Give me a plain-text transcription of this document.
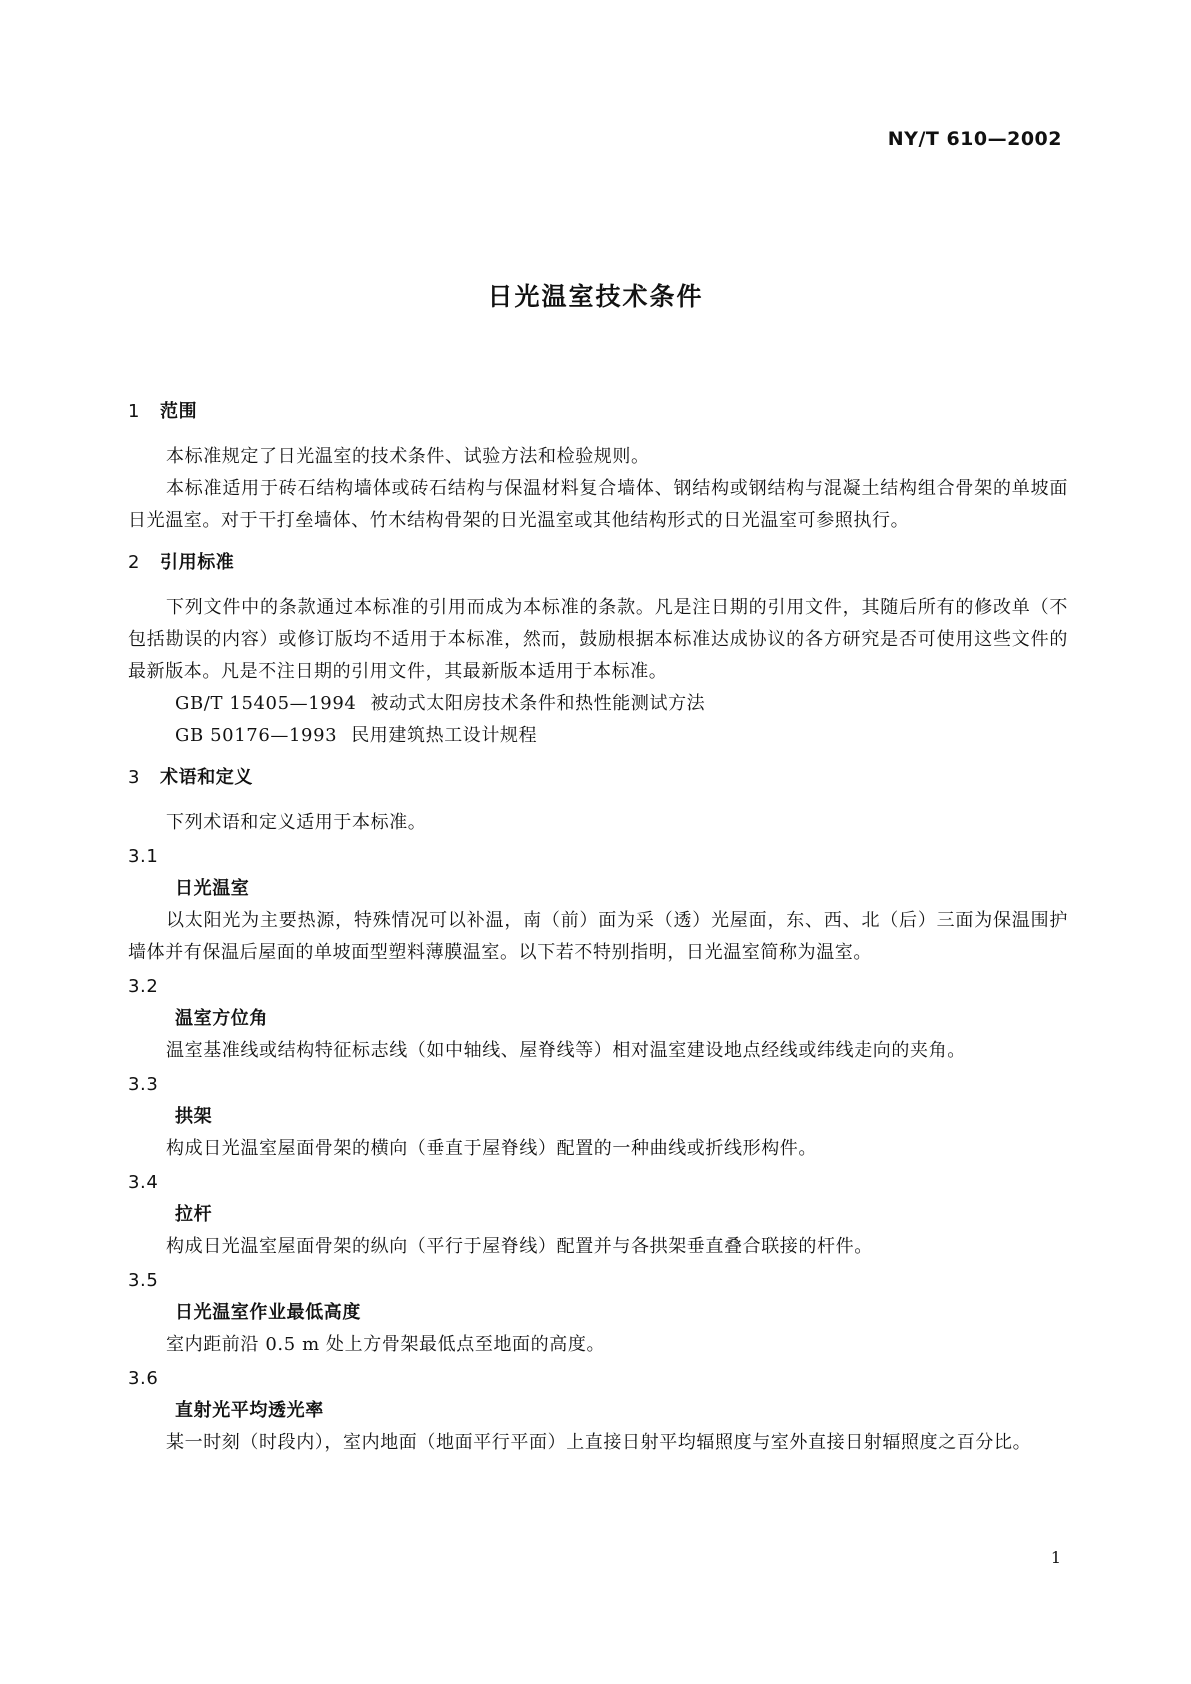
NY/T 610—2002
日光温室技术条件
1 范围

本标准规定了日光温室的技术条件、试验方法和检验规则。

本标准适用于砖石结构墙体或砖石结构与保温材料复合墙体、钢结构或钢结构与混凝土结构组合骨架的单坡面日光温室。对于干打垒墙体、竹木结构骨架的日光温室或其他结构形式的日光温室可参照执行。

2 引用标准

下列文件中的条款通过本标准的引用而成为本标准的条款。凡是注日期的引用文件，其随后所有的修改单（不包括勘误的内容）或修订版均不适用于本标准，然而，鼓励根据本标准达成协议的各方研究是否可使用这些文件的最新版本。凡是不注日期的引用文件，其最新版本适用于本标准。

GB/T 15405—1994 被动式太阳房技术条件和热性能测试方法

GB 50176—1993 民用建筑热工设计规程

3 术语和定义

下列术语和定义适用于本标准。

3.1
日光温室

以太阳光为主要热源，特殊情况可以补温，南（前）面为采（透）光屋面，东、西、北（后）三面为保温围护墙体并有保温后屋面的单坡面型塑料薄膜温室。以下若不特别指明，日光温室简称为温室。

3.2
温室方位角

温室基准线或结构特征标志线（如中轴线、屋脊线等）相对温室建设地点经线或纬线走向的夹角。

3.3
拱架

构成日光温室屋面骨架的横向（垂直于屋脊线）配置的一种曲线或折线形构件。

3.4
拉杆

构成日光温室屋面骨架的纵向（平行于屋脊线）配置并与各拱架垂直叠合联接的杆件。

3.5
日光温室作业最低高度

室内距前沿 0.5 m 处上方骨架最低点至地面的高度。

3.6
直射光平均透光率

某一时刻（时段内），室内地面（地面平行平面）上直接日射平均辐照度与室外直接日射辐照度之百分比。

1
